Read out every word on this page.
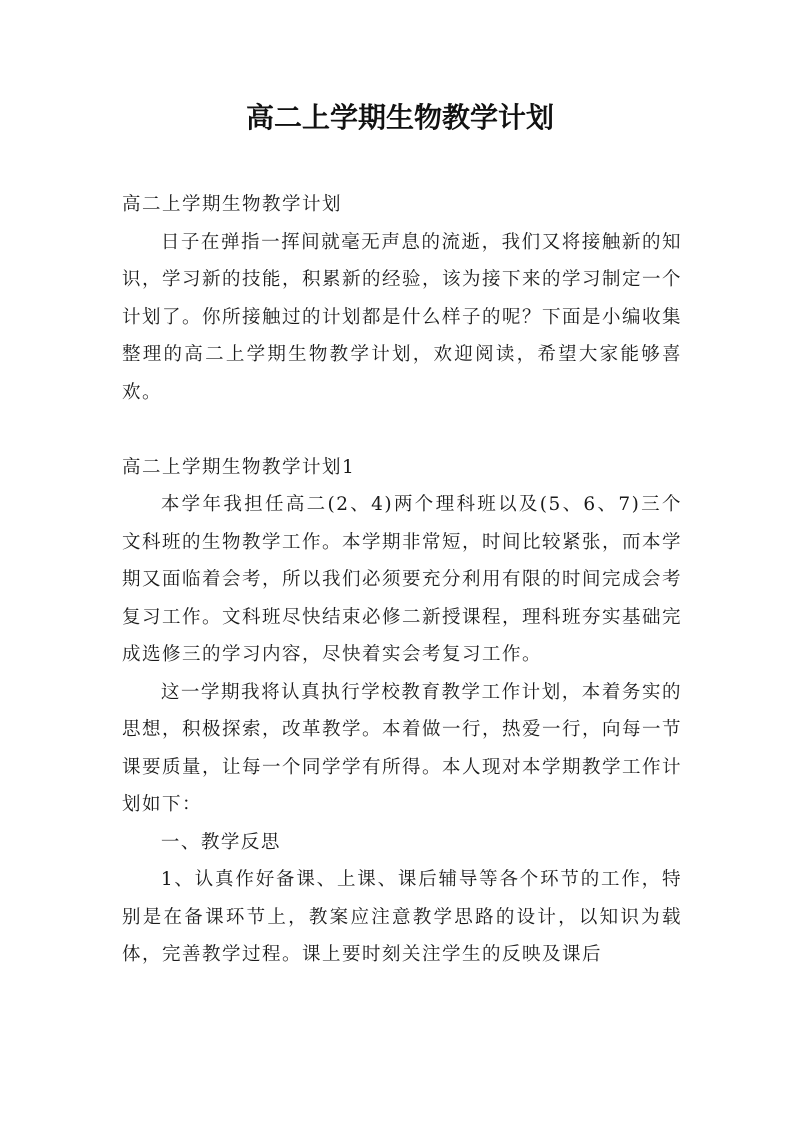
高二上学期生物教学计划

高二上学期生物教学计划

日子在弹指一挥间就毫无声息的流逝，我们又将接触新的知识，学习新的技能，积累新的经验，该为接下来的学习制定一个计划了。你所接触过的计划都是什么样子的呢？下面是小编收集整理的高二上学期生物教学计划，欢迎阅读，希望大家能够喜欢。

高二上学期生物教学计划1

本学年我担任高二(2、4)两个理科班以及(5、6、7)三个文科班的生物教学工作。本学期非常短，时间比较紧张，而本学期又面临着会考，所以我们必须要充分利用有限的时间完成会考复习工作。文科班尽快结束必修二新授课程，理科班夯实基础完成选修三的学习内容，尽快着实会考复习工作。

这一学期我将认真执行学校教育教学工作计划，本着务实的思想，积极探索，改革教学。本着做一行，热爱一行，向每一节课要质量，让每一个同学学有所得。本人现对本学期教学工作计划如下：

一、教学反思

1、认真作好备课、上课、课后辅导等各个环节的工作，特别是在备课环节上，教案应注意教学思路的设计，以知识为载体，完善教学过程。课上要时刻关注学生的反映及课后
